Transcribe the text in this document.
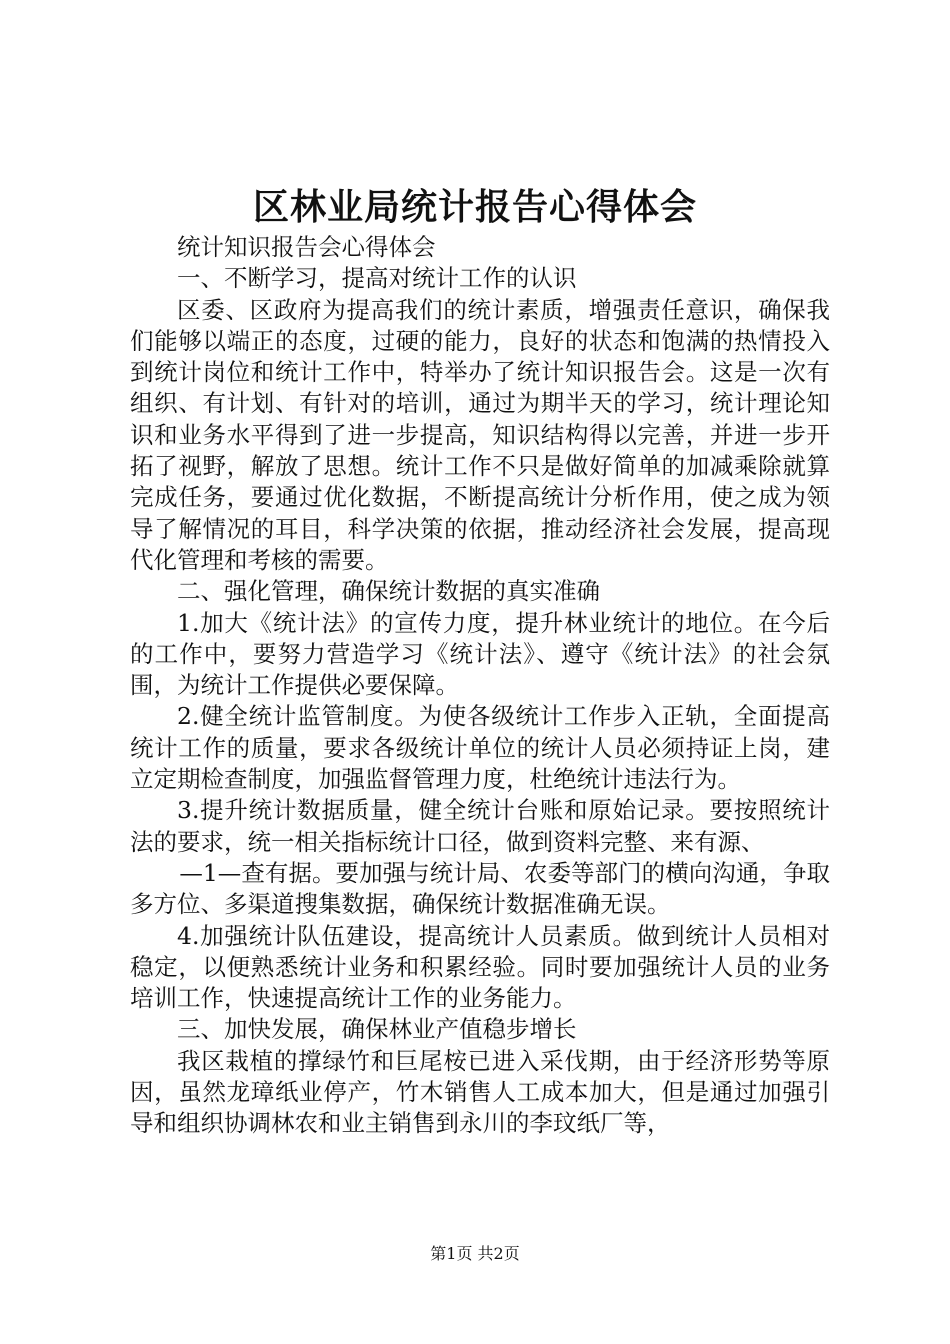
区林业局统计报告心得体会

统计知识报告会心得体会

一、不断学习，提高对统计工作的认识

区委、区政府为提高我们的统计素质，增强责任意识，确保我们能够以端正的态度，过硬的能力，良好的状态和饱满的热情投入到统计岗位和统计工作中，特举办了统计知识报告会。这是一次有组织、有计划、有针对的培训，通过为期半天的学习，统计理论知识和业务水平得到了进一步提高，知识结构得以完善，并进一步开拓了视野，解放了思想。统计工作不只是做好简单的加减乘除就算完成任务，要通过优化数据，不断提高统计分析作用，使之成为领导了解情况的耳目，科学决策的依据，推动经济社会发展，提高现代化管理和考核的需要。

二、强化管理，确保统计数据的真实准确

1.加大《统计法》的宣传力度，提升林业统计的地位。在今后的工作中，要努力营造学习《统计法》、遵守《统计法》的社会氛围，为统计工作提供必要保障。

2.健全统计监管制度。为使各级统计工作步入正轨，全面提高统计工作的质量，要求各级统计单位的统计人员必须持证上岗，建立定期检查制度，加强监督管理力度，杜绝统计违法行为。

3.提升统计数据质量，健全统计台账和原始记录。要按照统计法的要求，统一相关指标统计口径，做到资料完整、来有源、

—1—查有据。要加强与统计局、农委等部门的横向沟通，争取多方位、多渠道搜集数据，确保统计数据准确无误。

4.加强统计队伍建设，提高统计人员素质。做到统计人员相对稳定，以便熟悉统计业务和积累经验。同时要加强统计人员的业务培训工作，快速提高统计工作的业务能力。

三、加快发展，确保林业产值稳步增长

我区栽植的撑绿竹和巨尾桉已进入采伐期，由于经济形势等原因，虽然龙璋纸业停产，竹木销售人工成本加大，但是通过加强引导和组织协调林农和业主销售到永川的李玟纸厂等，

第1页 共2页
